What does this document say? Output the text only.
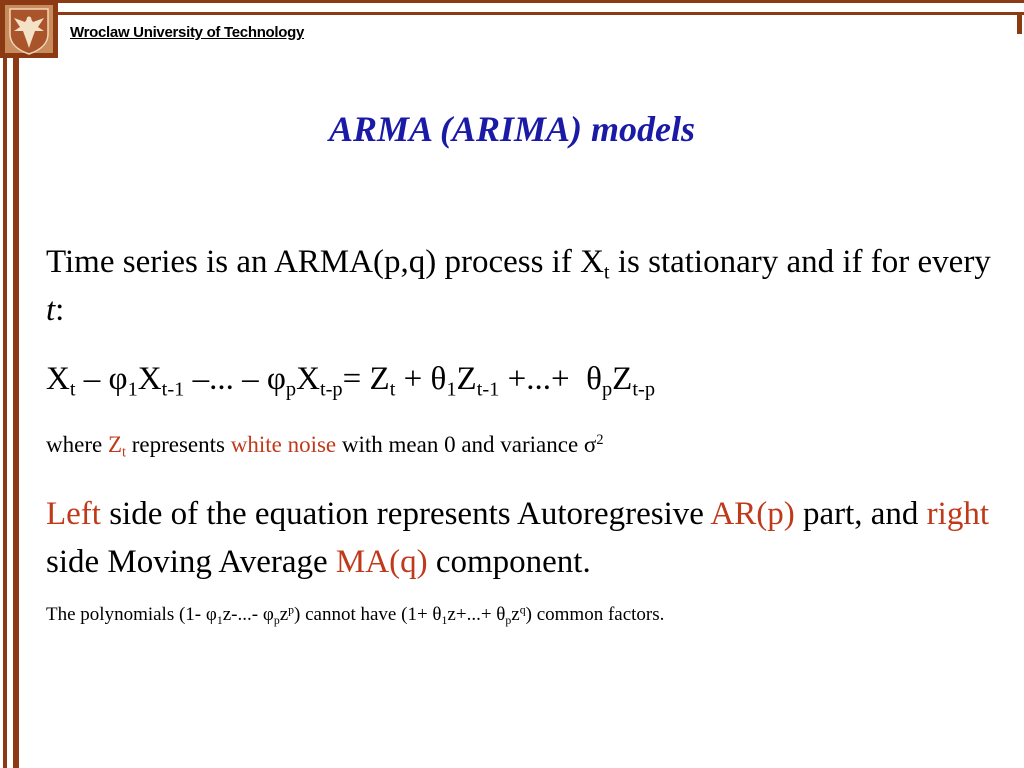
Wroclaw University of Technology
ARMA (ARIMA) models

Time series is an ARMA(p,q) process if $X_t$ is stationary and if for every t:

$X_t - \varphi_1X_{t-1}$ –... – $\varphi_pX_{t-p}= Z_t + \theta_1Z_{t-1}$ +...+  $\theta_pZ_{t-p}$

where $Z_t$ represents white noise with mean 0 and variance $\sigma^2$

Left side of the equation represents Autoregresive AR(p) part, and right side Moving Average MA(q) component.

The polynomials (1- $\varphi_1z-...-$ $\varphi_pz^p$) cannot have $(1+ \theta_1z+...+ \theta_pz^q)$ common factors.
